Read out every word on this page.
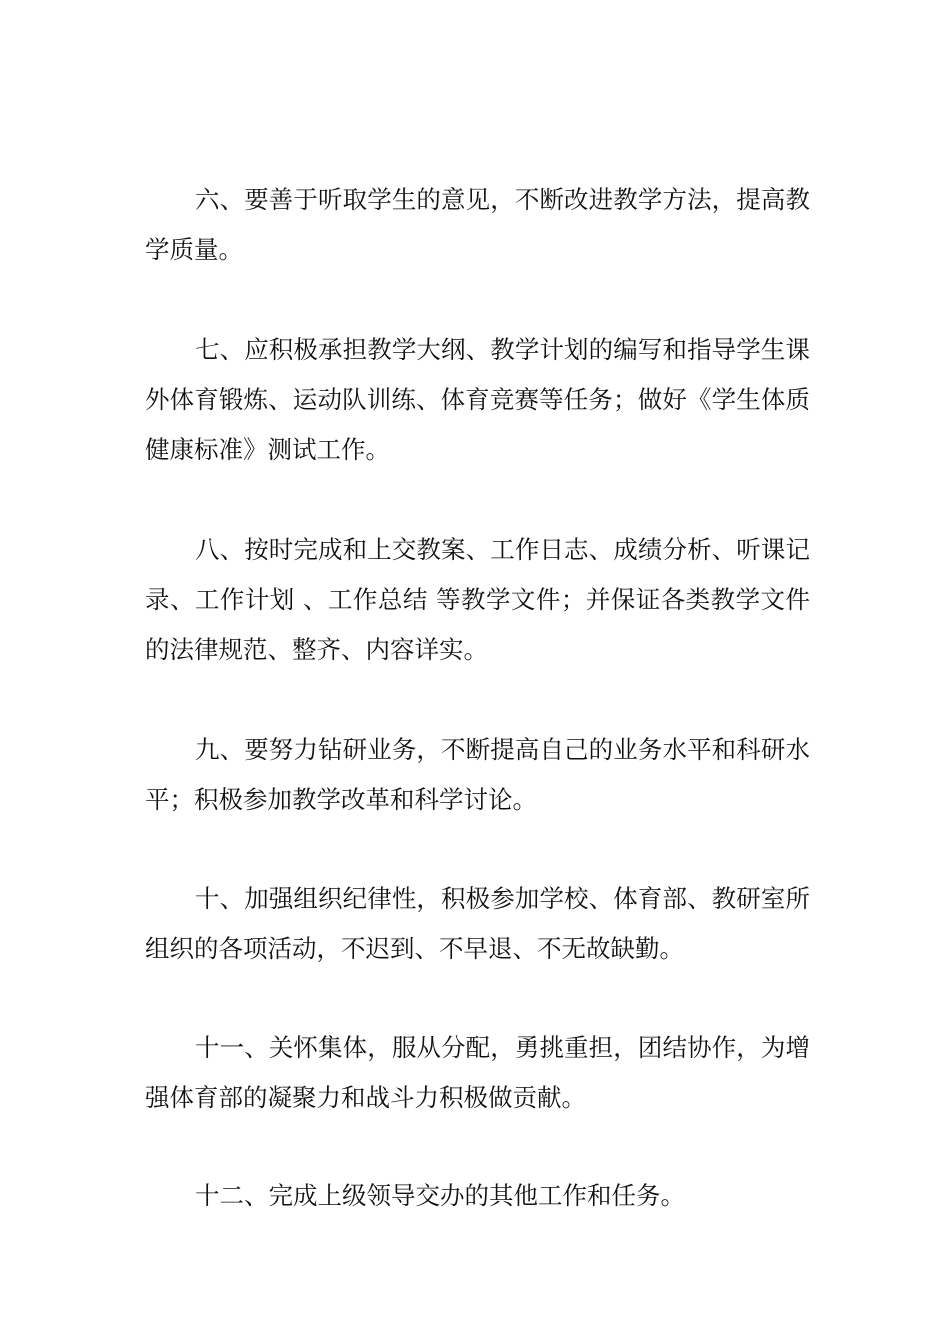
六、要善于听取学生的意见，不断改进教学方法，提高教学质量。

七、应积极承担教学大纲、教学计划的编写和指导学生课外体育锻炼、运动队训练、体育竞赛等任务；做好《学生体质健康标准》测试工作。

八、按时完成和上交教案、工作日志、成绩分析、听课记录、工作计划 、工作总结 等教学文件；并保证各类教学文件的法律规范、整齐、内容详实。

九、要努力钻研业务，不断提高自己的业务水平和科研水平；积极参加教学改革和科学讨论。

十、加强组织纪律性，积极参加学校、体育部、教研室所组织的各项活动，不迟到、不早退、不无故缺勤。

十一、关怀集体，服从分配，勇挑重担，团结协作，为增强体育部的凝聚力和战斗力积极做贡献。

十二、完成上级领导交办的其他工作和任务。
